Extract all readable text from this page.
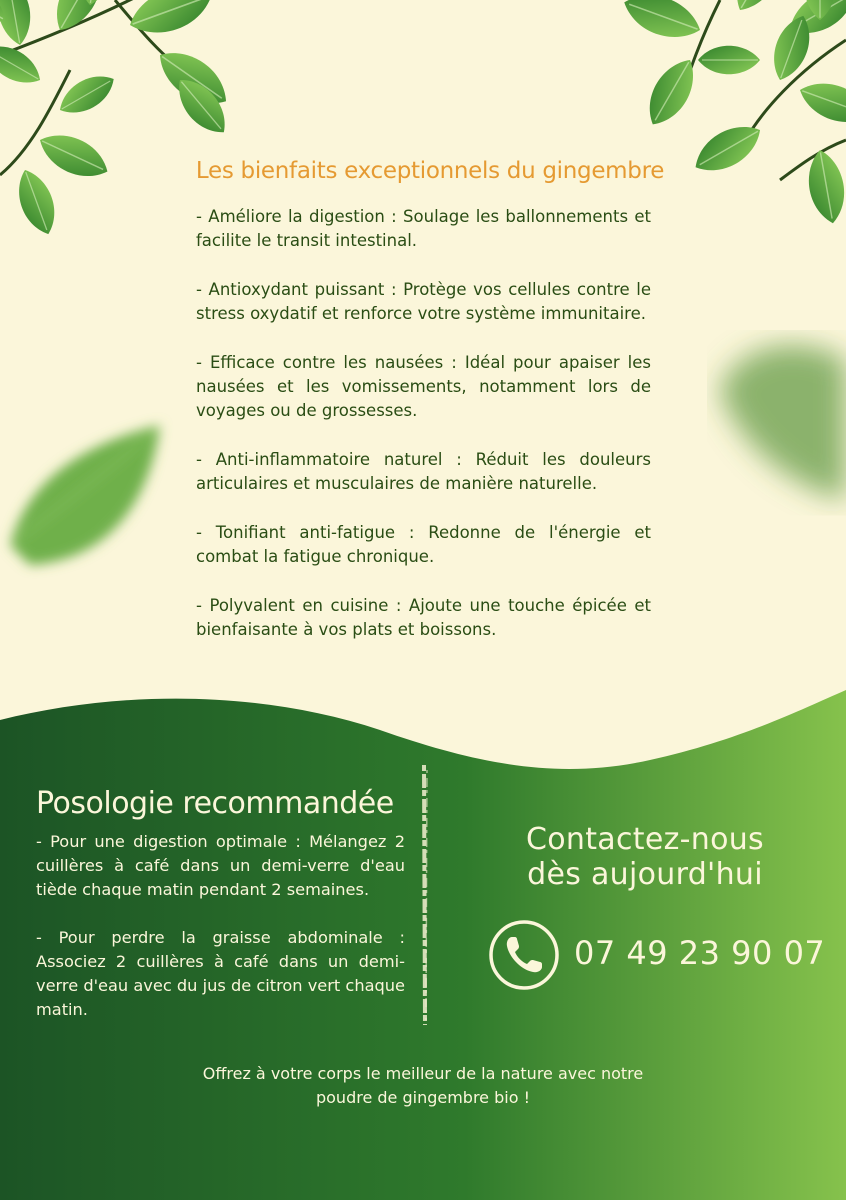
Les bienfaits exceptionnels du gingembre
- Améliore la digestion : Soulage les ballonnements et facilite le transit intestinal.
- Antioxydant puissant : Protège vos cellules contre le stress oxydatif et renforce votre système immunitaire.
- Efficace contre les nausées : Idéal pour apaiser les nausées et les vomissements, notamment lors de voyages ou de grossesses.
- Anti-inflammatoire naturel : Réduit les douleurs articulaires et musculaires de manière naturelle.
- Tonifiant anti-fatigue : Redonne de l'énergie et combat la fatigue chronique.
- Polyvalent en cuisine : Ajoute une touche épicée et bienfaisante à vos plats et boissons.
Posologie recommandée
- Pour une digestion optimale : Mélangez 2 cuillères à café dans un demi-verre d'eau tiède chaque matin pendant 2 semaines.
- Pour perdre la graisse abdominale : Associez 2 cuillères à café dans un demi-verre d'eau avec du jus de citron vert chaque matin.
Contactez-nous
dès aujourd'hui
07 49 23 90 07

Offrez à votre corps le meilleur de la nature avec notre
poudre de gingembre bio !
